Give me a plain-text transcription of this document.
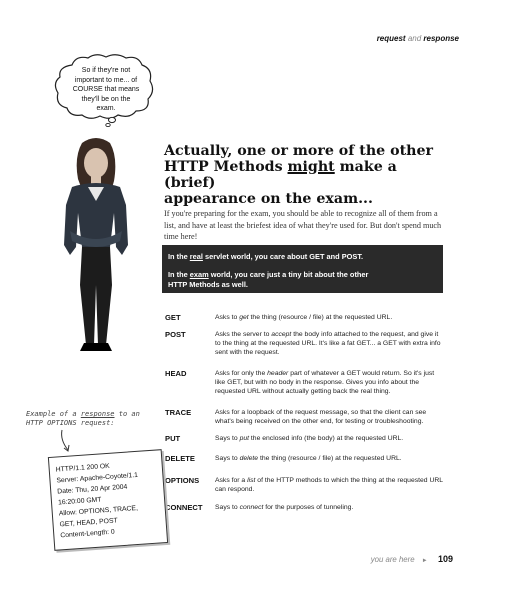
request and response
So if they're not
important to me... of
COURSE that means
they'll be on the
exam.
Actually, one or more of the other
HTTP Methods might make a (brief)
appearance on the exam...
If you're preparing for the exam, you should be able to recognize all of them from a list, and have at least the briefest idea of what they're used for. But don't spend much time here!
In the real servlet world, you care about GET and POST.
In the exam world, you care just a tiny bit about the other
HTTP Methods as well.
GET	Asks to get the thing (resource / file) at the requested URL.
POST	Asks the server to accept the body info attached to the request, and give it to the thing at the requested URL. It's like a fat GET... a GET with extra info sent with the request.
HEAD	Asks for only the header part of whatever a GET would return. So it's just like GET, but with no body in the response. Gives you info about the requested URL without actually getting back the real thing.
TRACE	Asks for a loopback of the request message, so that the client can see what's being received on the other end, for testing or troubleshooting.
PUT	Says to put the enclosed info (the body) at the requested URL.
DELETE	Says to delete the thing (resource / file) at the requested URL.
OPTIONS Asks for a list of the HTTP methods to which the thing at the requested URL can respond.
CONNECT Says to connect for the purposes of tunneling.
Example of a response to an
HTTP OPTIONS request:
HTTP/1.1 200 OK
Server: Apache-Coyote/1.1
Date: Thu, 20 Apr 2004
16:20:00 GMT
Allow: OPTIONS, TRACE,
GET, HEAD, POST
Content-Length: 0
you are here ► 109
